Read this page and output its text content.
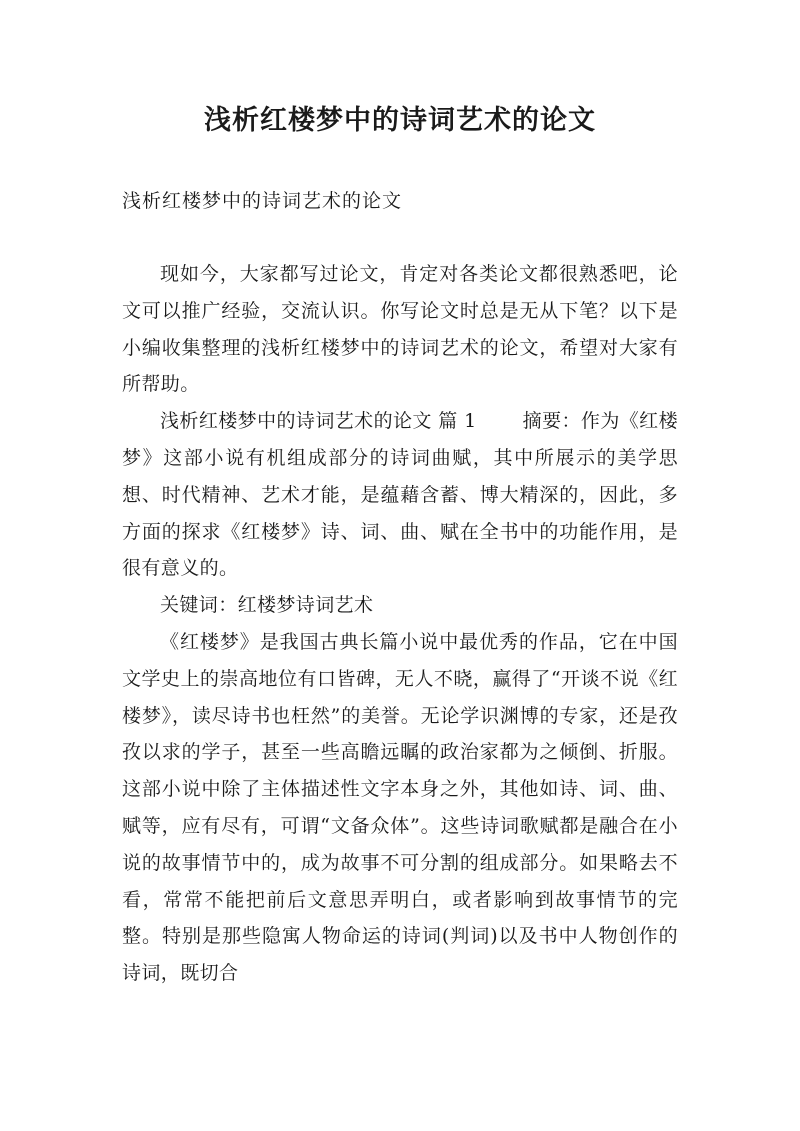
浅析红楼梦中的诗词艺术的论文

浅析红楼梦中的诗词艺术的论文

现如今，大家都写过论文，肯定对各类论文都很熟悉吧，论文可以推广经验，交流认识。你写论文时总是无从下笔？以下是小编收集整理的浅析红楼梦中的诗词艺术的论文，希望对大家有所帮助。

浅析红楼梦中的诗词艺术的论文 篇 1 摘要：作为《红楼梦》这部小说有机组成部分的诗词曲赋，其中所展示的美学思想、时代精神、艺术才能，是蕴藉含蓄、博大精深的，因此，多方面的探求《红楼梦》诗、词、曲、赋在全书中的功能作用，是很有意义的。

关键词：红楼梦诗词艺术

《红楼梦》是我国古典长篇小说中最优秀的作品，它在中国文学史上的崇高地位有口皆碑，无人不晓，赢得了“开谈不说《红楼梦》，读尽诗书也枉然”的美誉。无论学识渊博的专家，还是孜孜以求的学子，甚至一些高瞻远瞩的政治家都为之倾倒、折服。这部小说中除了主体描述性文字本身之外，其他如诗、词、曲、赋等，应有尽有，可谓“文备众体”。这些诗词歌赋都是融合在小说的故事情节中的，成为故事不可分割的组成部分。如果略去不看，常常不能把前后文意思弄明白，或者影响到故事情节的完整。特别是那些隐寓人物命运的诗词(判词)以及书中人物创作的诗词，既切合
